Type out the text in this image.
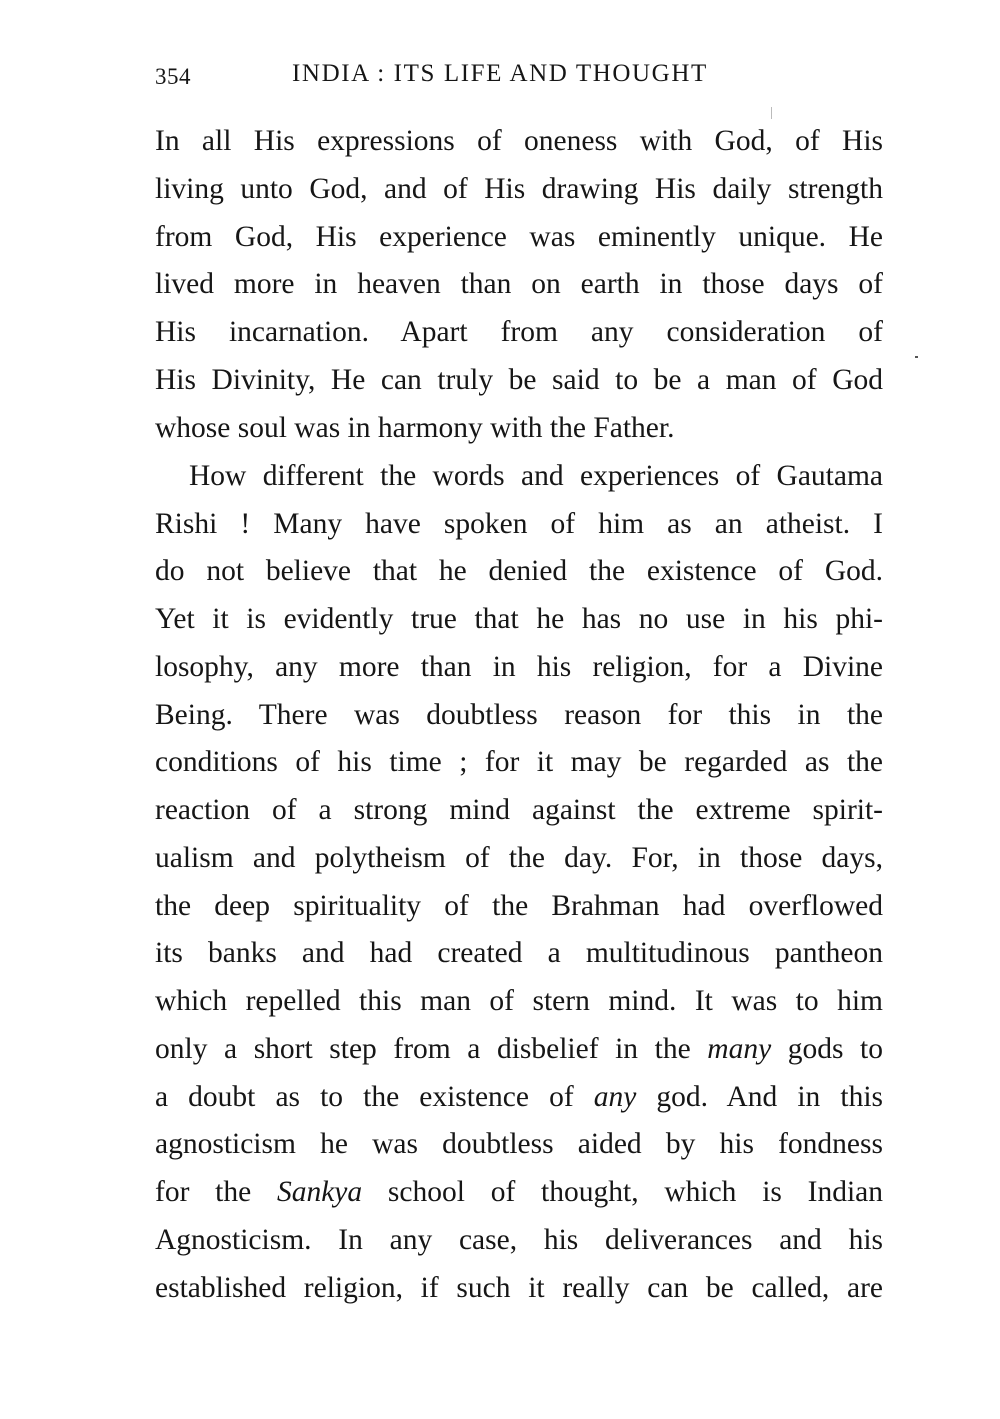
354	INDIA : ITS LIFE AND THOUGHT
In all His expressions of oneness with God, of His
living unto God, and of His drawing His daily strength
from God, His experience was eminently unique. He
lived more in heaven than on earth in those days of
His incarnation. Apart from any consideration of
His Divinity, He can truly be said to be a man of God
whose soul was in harmony with the Father.
How different the words and experiences of Gautama
Rishi ! Many have spoken of him as an atheist. I
do not believe that he denied the existence of God.
Yet it is evidently true that he has no use in his phi-
losophy, any more than in his religion, for a Divine
Being. There was doubtless reason for this in the
conditions of his time ; for it may be regarded as the
reaction of a strong mind against the extreme spirit-
ualism and polytheism of the day. For, in those days,
the deep spirituality of the Brahman had overflowed
its banks and had created a multitudinous pantheon
which repelled this man of stern mind. It was to him
only a short step from a disbelief in the many gods to
a doubt as to the existence of any god. And in this
agnosticism he was doubtless aided by his fondness
for the Sankya school of thought, which is Indian
Agnosticism. In any case, his deliverances and his
established religion, if such it really can be called, are
